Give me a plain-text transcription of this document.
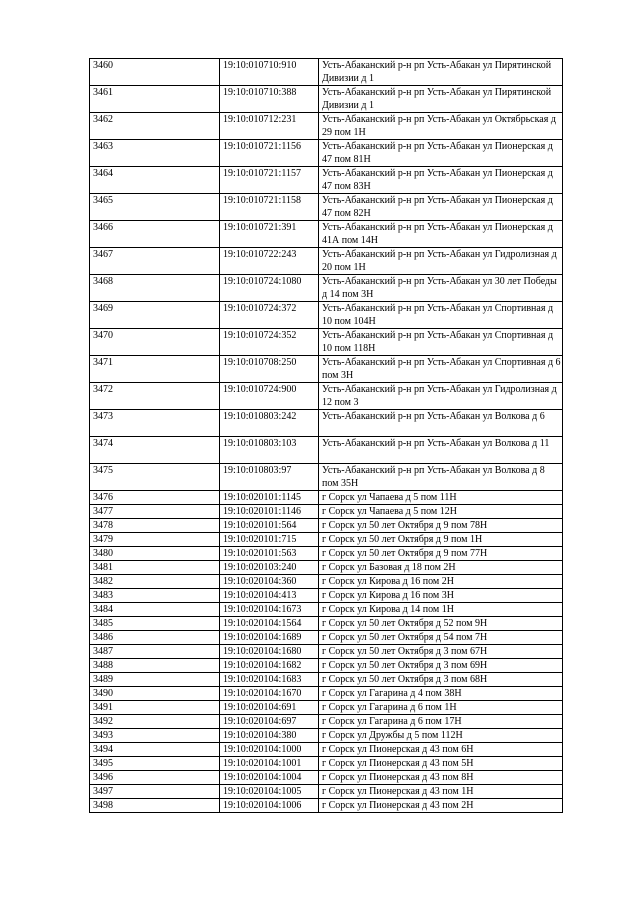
3460	19:10:010710:910	Усть-Абаканский р-н рп Усть-Абакан ул Пирятинской Дивизии д 1
3461	19:10:010710:388	Усть-Абаканский р-н рп Усть-Абакан ул Пирятинской Дивизии д 1
3462	19:10:010712:231	Усть-Абаканский р-н рп Усть-Абакан ул Октябрьская д 29 пом 1Н
3463	19:10:010721:1156	Усть-Абаканский р-н рп Усть-Абакан ул Пионерская д 47 пом 81Н
3464	19:10:010721:1157	Усть-Абаканский р-н рп Усть-Абакан ул Пионерская д 47 пом 83Н
3465	19:10:010721:1158	Усть-Абаканский р-н рп Усть-Абакан ул Пионерская д 47 пом 82Н
3466	19:10:010721:391	Усть-Абаканский р-н рп Усть-Абакан ул Пионерская д 41А пом 14Н
3467	19:10:010722:243	Усть-Абаканский р-н рп Усть-Абакан ул Гидролизная д 20 пом 1Н
3468	19:10:010724:1080	Усть-Абаканский р-н рп Усть-Абакан ул 30 лет Победы д 14 пом 3Н
3469	19:10:010724:372	Усть-Абаканский р-н рп Усть-Абакан ул Спортивная д 10 пом 104Н
3470	19:10:010724:352	Усть-Абаканский р-н рп Усть-Абакан ул Спортивная д 10 пом 118Н
3471	19:10:010708:250	Усть-Абаканский р-н рп Усть-Абакан ул Спортивная д 6 пом 3Н
3472	19:10:010724:900	Усть-Абаканский р-н рп Усть-Абакан ул Гидролизная д 12 пом 3
3473	19:10:010803:242	Усть-Абаканский р-н рп Усть-Абакан ул Волкова д 6
3474	19:10:010803:103	Усть-Абаканский р-н рп Усть-Абакан ул Волкова д 11
3475	19:10:010803:97	Усть-Абаканский р-н рп Усть-Абакан ул Волкова д 8 пом 35Н
3476	19:10:020101:1145	г Сорск ул Чапаева д 5 пом 11Н
3477	19:10:020101:1146	г Сорск ул Чапаева д 5 пом 12Н
3478	19:10:020101:564	г Сорск ул 50 лет Октября д 9 пом 78Н
3479	19:10:020101:715	г Сорск ул 50 лет Октября д 9 пом 1Н
3480	19:10:020101:563	г Сорск ул 50 лет Октября д 9 пом 77Н
3481	19:10:020103:240	г Сорск ул Базовая д 18 пом 2Н
3482	19:10:020104:360	г Сорск ул Кирова д 16 пом 2Н
3483	19:10:020104:413	г Сорск ул Кирова д 16 пом 3Н
3484	19:10:020104:1673	г Сорск ул Кирова д 14 пом 1Н
3485	19:10:020104:1564	г Сорск ул 50 лет Октября д 52 пом 9Н
3486	19:10:020104:1689	г Сорск ул 50 лет Октября д 54 пом 7Н
3487	19:10:020104:1680	г Сорск ул 50 лет Октября д 3 пом 67Н
3488	19:10:020104:1682	г Сорск ул 50 лет Октября д 3 пом 69Н
3489	19:10:020104:1683	г Сорск ул 50 лет Октября д 3 пом 68Н
3490	19:10:020104:1670	г Сорск ул Гагарина д 4 пом 38Н
3491	19:10:020104:691	г Сорск ул Гагарина д 6 пом 1Н
3492	19:10:020104:697	г Сорск ул Гагарина д 6 пом 17Н
3493	19:10:020104:380	г Сорск ул Дружбы д 5 пом 112Н
3494	19:10:020104:1000	г Сорск ул Пионерская д 43 пом 6Н
3495	19:10:020104:1001	г Сорск ул Пионерская д 43 пом 5Н
3496	19:10:020104:1004	г Сорск ул Пионерская д 43 пом 8Н
3497	19:10:020104:1005	г Сорск ул Пионерская д 43 пом 1Н
3498	19:10:020104:1006	г Сорск ул Пионерская д 43 пом 2Н
